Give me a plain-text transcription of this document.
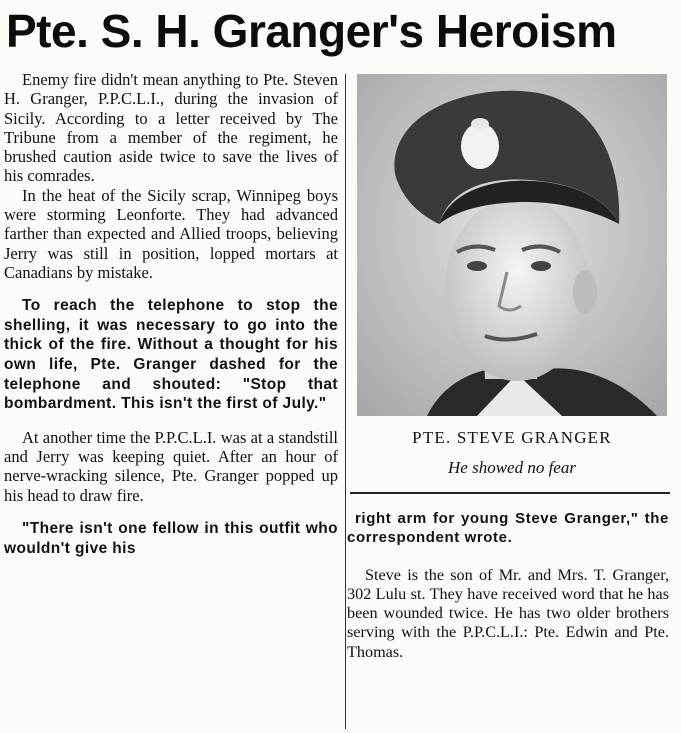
Pte. S. H. Granger's Heroism

Enemy fire didn't mean anything to Pte. Steven H. Granger, P.P.C.L.I., during the invasion of Sicily. According to a letter received by The Tribune from a member of the regiment, he brushed caution aside twice to save the lives of his comrades.

In the heat of the Sicily scrap, Winnipeg boys were storming Leonforte. They had advanced farther than expected and Allied troops, believing Jerry was still in position, lopped mortars at Canadians by mistake.

To reach the telephone to stop the shelling, it was necessary to go into the thick of the fire. Without a thought for his own life, Pte. Granger dashed for the telephone and shouted: "Stop that bombardment. This isn't the first of July."

At another time the P.P.C.L.I. was at a standstill and Jerry was keeping quiet. After an hour of nerve-wracking silence, Pte. Granger popped up his head to draw fire.

"There isn't one fellow in this outfit who wouldn't give his

PTE. STEVE GRANGER
He showed no fear

right arm for young Steve Granger," the correspondent wrote.

Steve is the son of Mr. and Mrs. T. Granger, 302 Lulu st. They have received word that he has been wounded twice. He has two older brothers serving with the P.P.C.L.I.: Pte. Edwin and Pte. Thomas.
